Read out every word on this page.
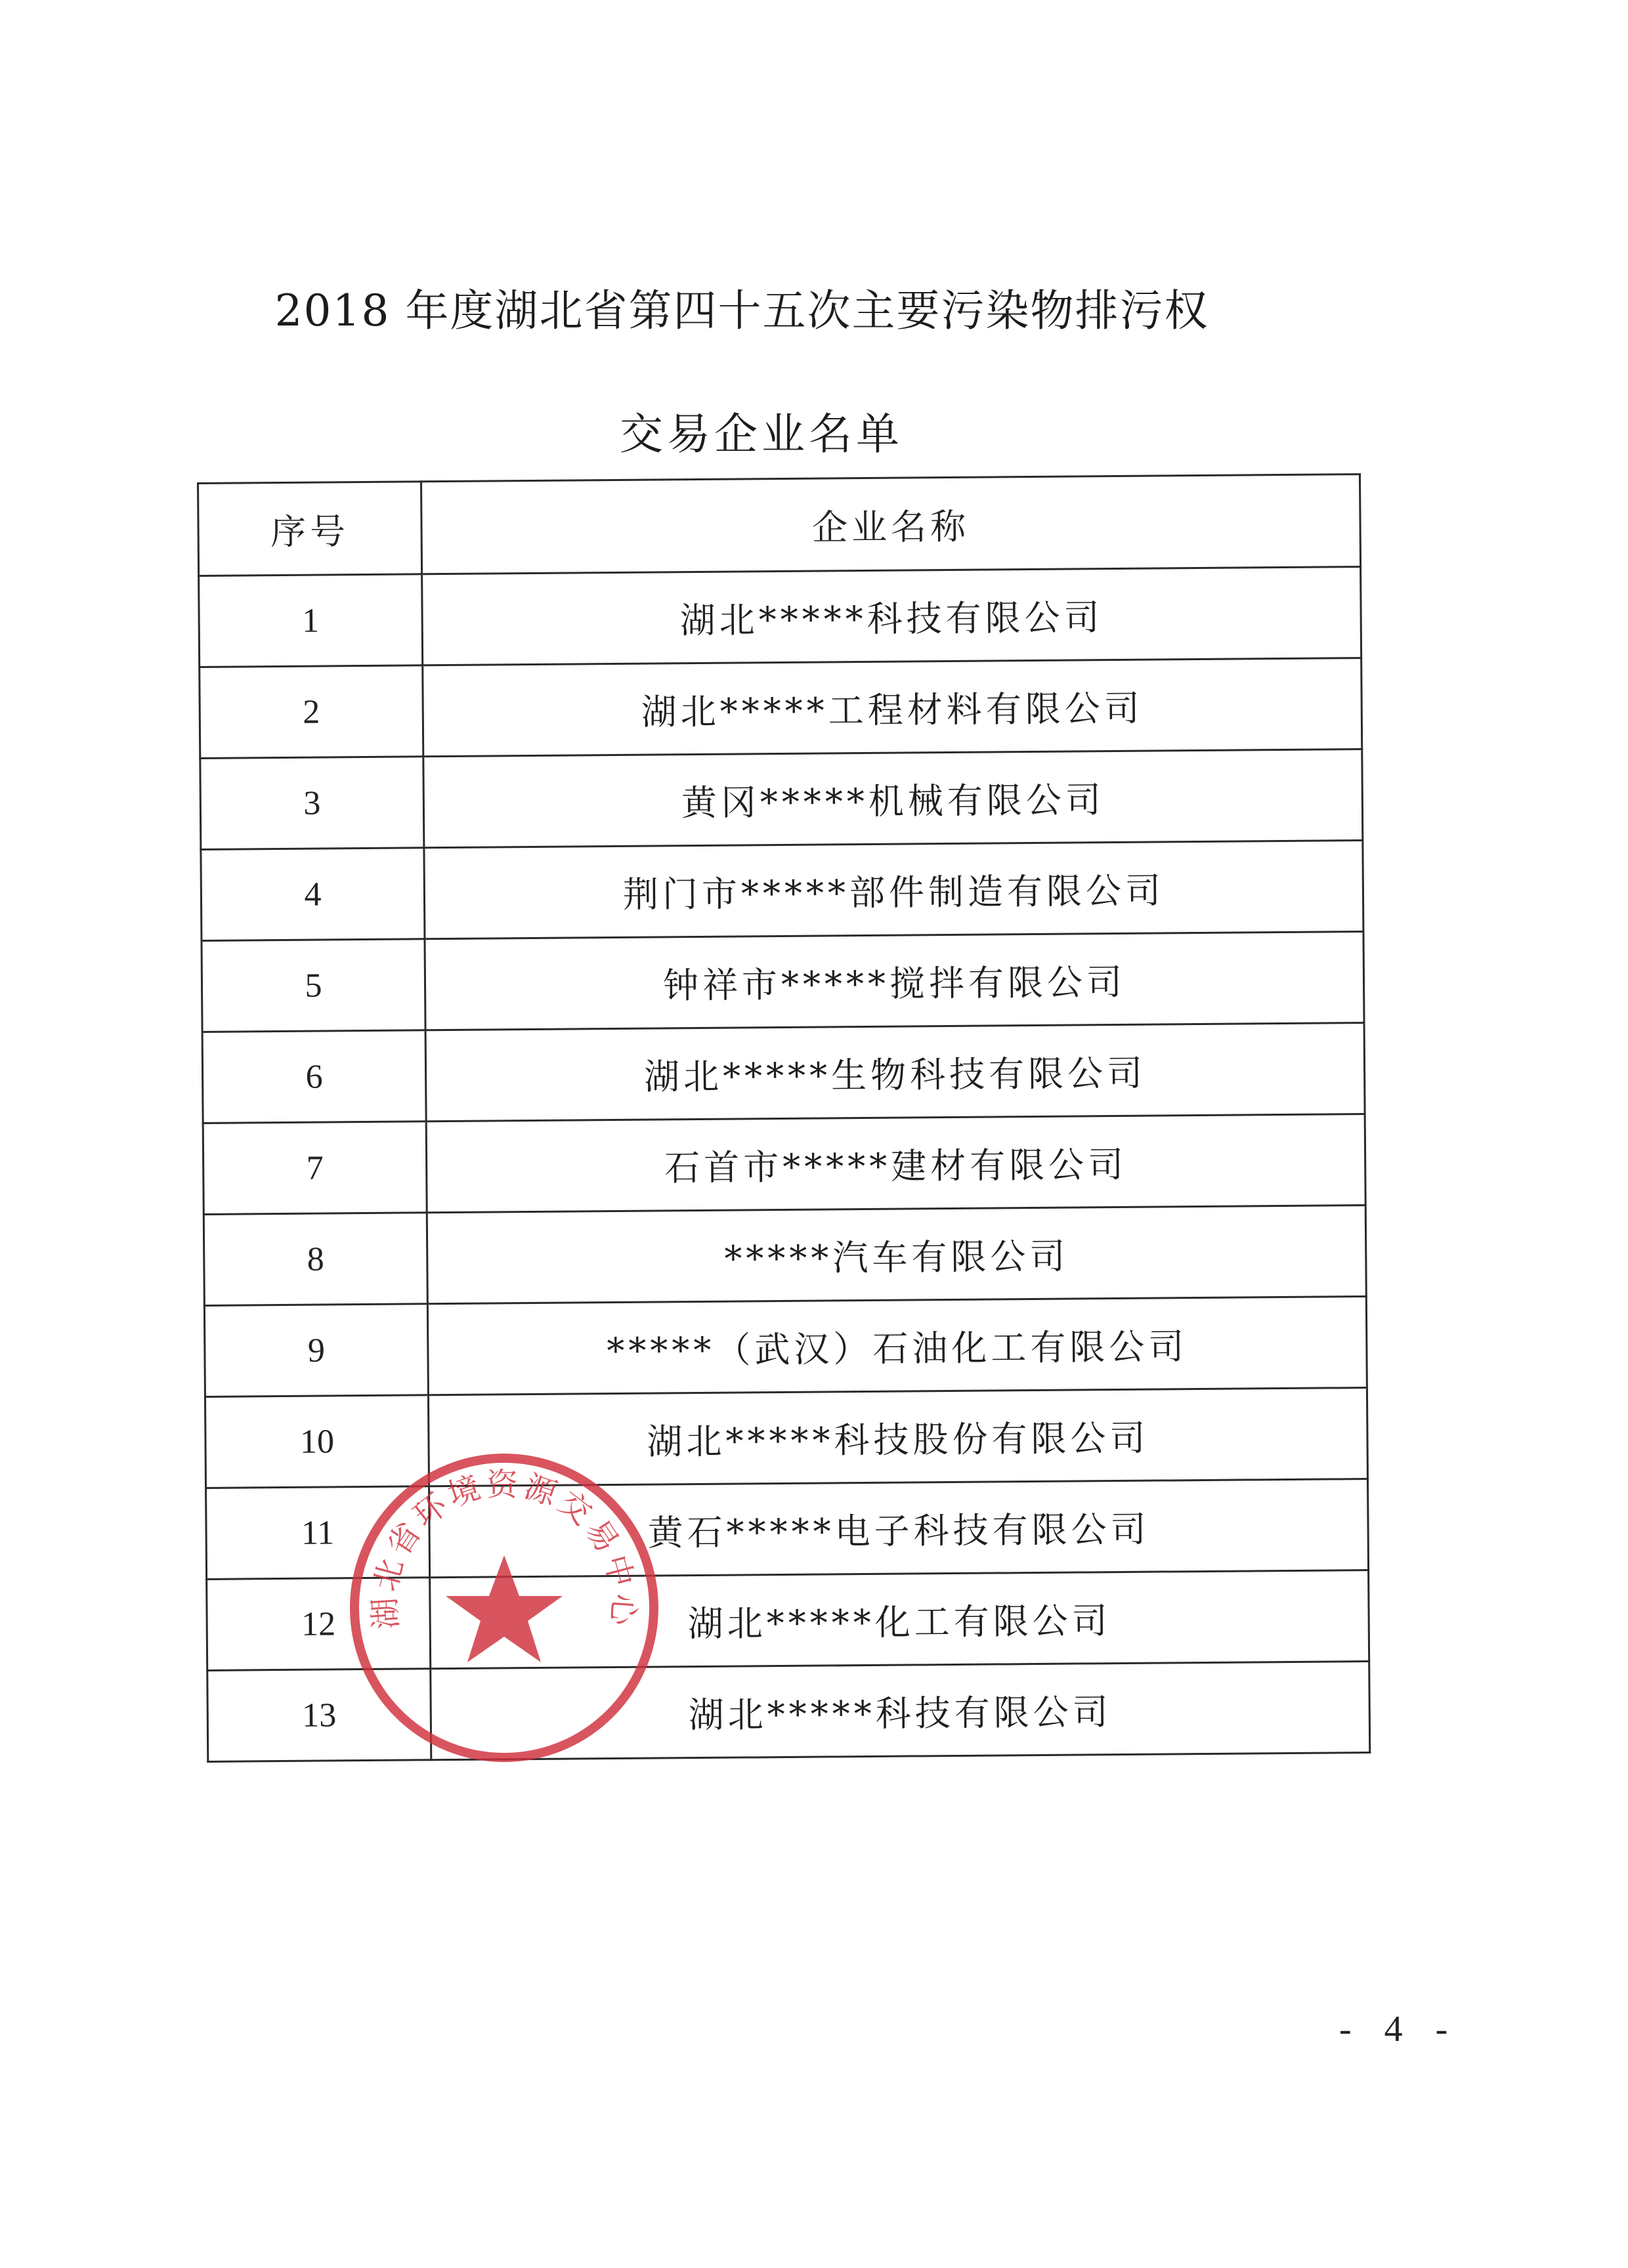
2018 年度湖北省第四十五次主要污染物排污权
交易企业名单
序号	企业名称
1	湖北*****科技有限公司
2	湖北*****工程材料有限公司
3	黄冈*****机械有限公司
4	荆门市*****部件制造有限公司
5	钟祥市*****搅拌有限公司
6	湖北*****生物科技有限公司
7	石首市*****建材有限公司
8	*****汽车有限公司
9	*****（武汉）石油化工有限公司
10	湖北*****科技股份有限公司
11	黄石*****电子科技有限公司
12	湖北*****化工有限公司
13	湖北*****科技有限公司
湖北省环境资源交易中心
- 4 -
